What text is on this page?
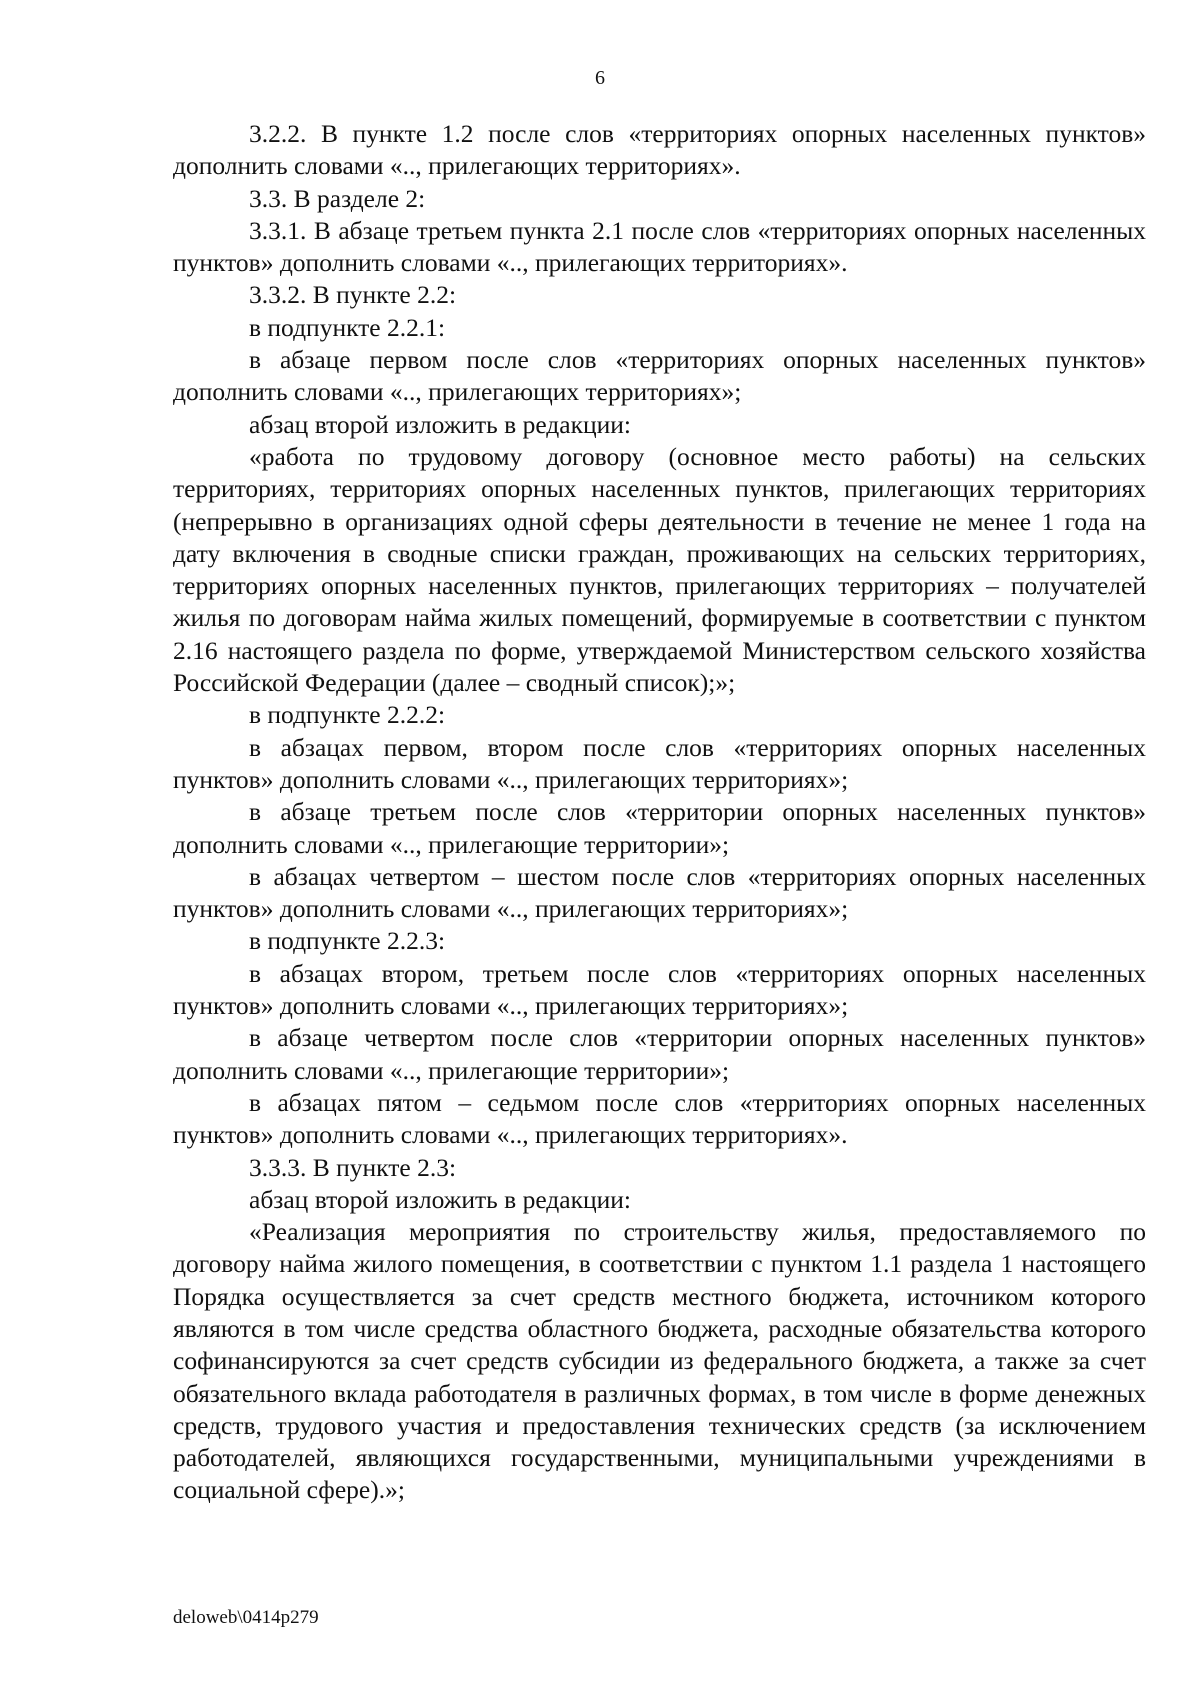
6

3.2.2. В пункте 1.2 после слов «территориях опорных населенных пунктов» дополнить словами «.., прилегающих территориях».

3.3. В разделе 2:

3.3.1. В абзаце третьем пункта 2.1 после слов «территориях опорных населенных пунктов» дополнить словами «.., прилегающих территориях».

3.3.2. В пункте 2.2:

в подпункте 2.2.1:

в абзаце первом после слов «территориях опорных населенных пунктов» дополнить словами «.., прилегающих территориях»;

абзац второй изложить в редакции:

«работа по трудовому договору (основное место работы) на сельских территориях, территориях опорных населенных пунктов, прилегающих территориях (непрерывно в организациях одной сферы деятельности в течение не менее 1 года на дату включения в сводные списки граждан, проживающих на сельских территориях, территориях опорных населенных пунктов, прилегающих территориях – получателей жилья по договорам найма жилых помещений, формируемые в соответствии с пунктом 2.16 настоящего раздела по форме, утверждаемой Министерством сельского хозяйства Российской Федерации (далее – сводный список);»;

в подпункте 2.2.2:

в абзацах первом, втором после слов «территориях опорных населенных пунктов» дополнить словами «.., прилегающих территориях»;

в абзаце третьем после слов «территории опорных населенных пунктов» дополнить словами «.., прилегающие территории»;

в абзацах четвертом – шестом после слов «территориях опорных населенных пунктов» дополнить словами «.., прилегающих территориях»;

в подпункте 2.2.3:

в абзацах втором, третьем после слов «территориях опорных населенных пунктов» дополнить словами «.., прилегающих территориях»;

в абзаце четвертом после слов «территории опорных населенных пунктов» дополнить словами «.., прилегающие территории»;

в абзацах пятом – седьмом после слов «территориях опорных населенных пунктов» дополнить словами «.., прилегающих территориях».

3.3.3. В пункте 2.3:

абзац второй изложить в редакции:

«Реализация мероприятия по строительству жилья, предоставляемого по договору найма жилого помещения, в соответствии с пунктом 1.1 раздела 1 настоящего Порядка осуществляется за счет средств местного бюджета, источником которого являются в том числе средства областного бюджета, расходные обязательства которого софинансируются за счет средств субсидии из федерального бюджета, а также за счет обязательного вклада работодателя в различных формах, в том числе в форме денежных средств, трудового участия и предоставления технических средств (за исключением работодателей, являющихся государственными, муниципальными учреждениями в социальной сфере).»;

deloweb\0414p279
